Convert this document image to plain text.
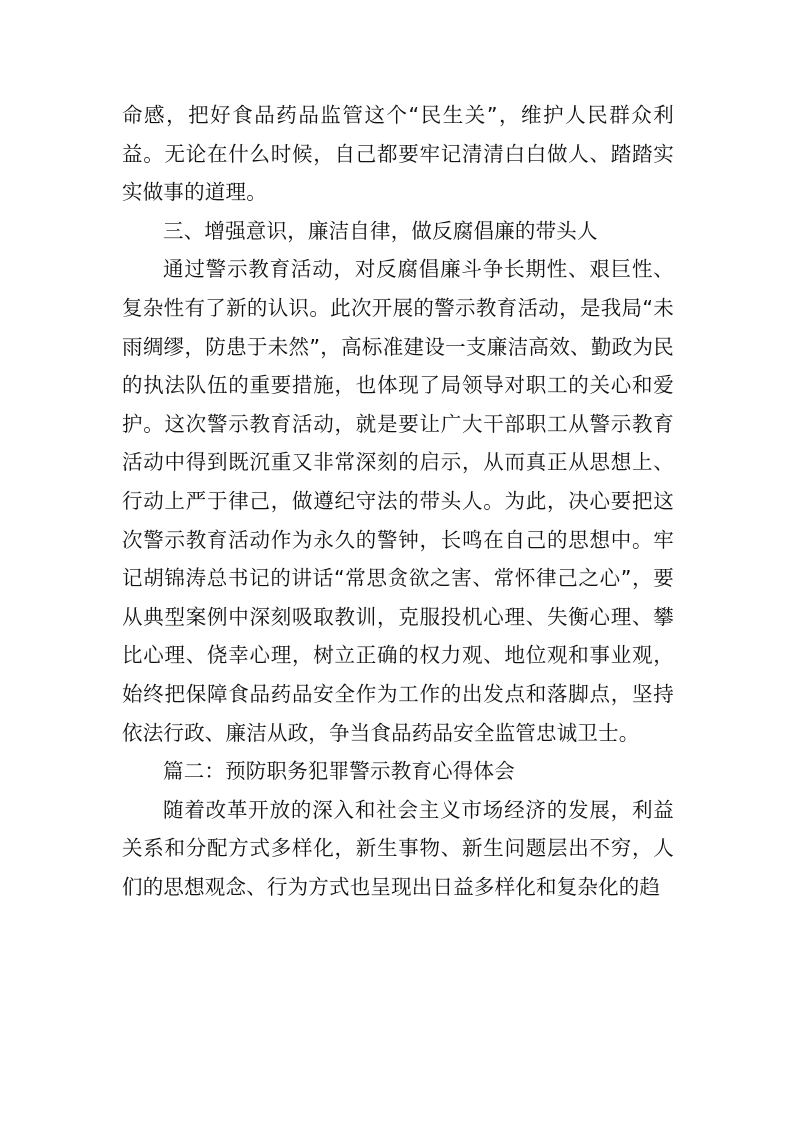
命感，把好食品药品监管这个“民生关”，维护人民群众利益。无论在什么时候，自己都要牢记清清白白做人、踏踏实实做事的道理。

三、增强意识，廉洁自律，做反腐倡廉的带头人

通过警示教育活动，对反腐倡廉斗争长期性、艰巨性、复杂性有了新的认识。此次开展的警示教育活动，是我局“未雨绸缪，防患于未然”，高标准建设一支廉洁高效、勤政为民的执法队伍的重要措施，也体现了局领导对职工的关心和爱护。这次警示教育活动，就是要让广大干部职工从警示教育活动中得到既沉重又非常深刻的启示，从而真正从思想上、行动上严于律己，做遵纪守法的带头人。为此，决心要把这次警示教育活动作为永久的警钟，长鸣在自己的思想中。牢记胡锦涛总书记的讲话“常思贪欲之害、常怀律己之心”，要从典型案例中深刻吸取教训，克服投机心理、失衡心理、攀比心理、侥幸心理，树立正确的权力观、地位观和事业观，始终把保障食品药品安全作为工作的出发点和落脚点，坚持依法行政、廉洁从政，争当食品药品安全监管忠诚卫士。

篇二：预防职务犯罪警示教育心得体会

随着改革开放的深入和社会主义市场经济的发展，利益关系和分配方式多样化，新生事物、新生问题层出不穷，人们的思想观念、行为方式也呈现出日益多样化和复杂化的趋
